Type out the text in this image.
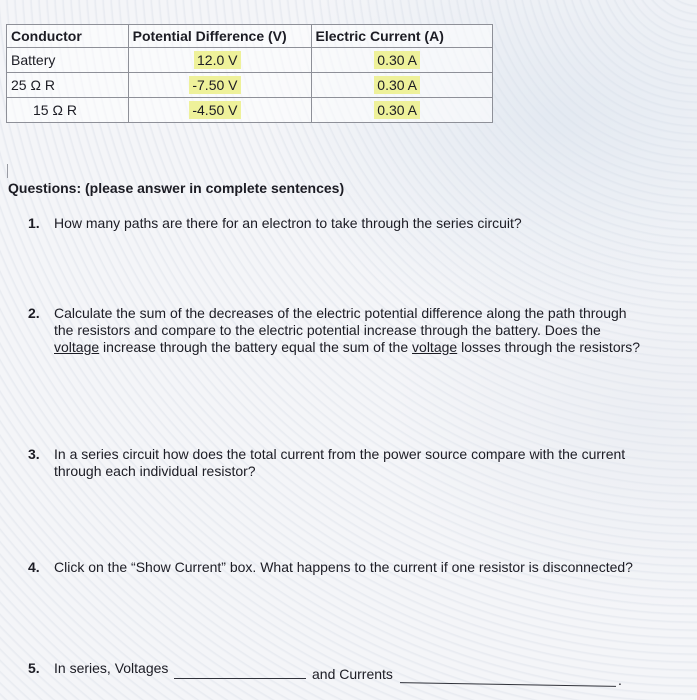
Conductor	Potential Difference (V)	Electric Current (A)
Battery	12.0 V	0.30 A
25 Ω R	-7.50 V	0.30 A
15 Ω R	-4.50 V	0.30 A
Questions: (please answer in complete sentences)
1. How many paths are there for an electron to take through the series circuit?
2. Calculate the sum of the decreases of the electric potential difference along the path through
the resistors and compare to the electric potential increase through the battery. Does the
voltage increase through the battery equal the sum of the voltage losses through the resistors?
3. In a series circuit how does the total current from the power source compare with the current
through each individual resistor?
4. Click on the “Show Current” box. What happens to the current if one resistor is disconnected?
5. In series, Voltages	and Currents	.
